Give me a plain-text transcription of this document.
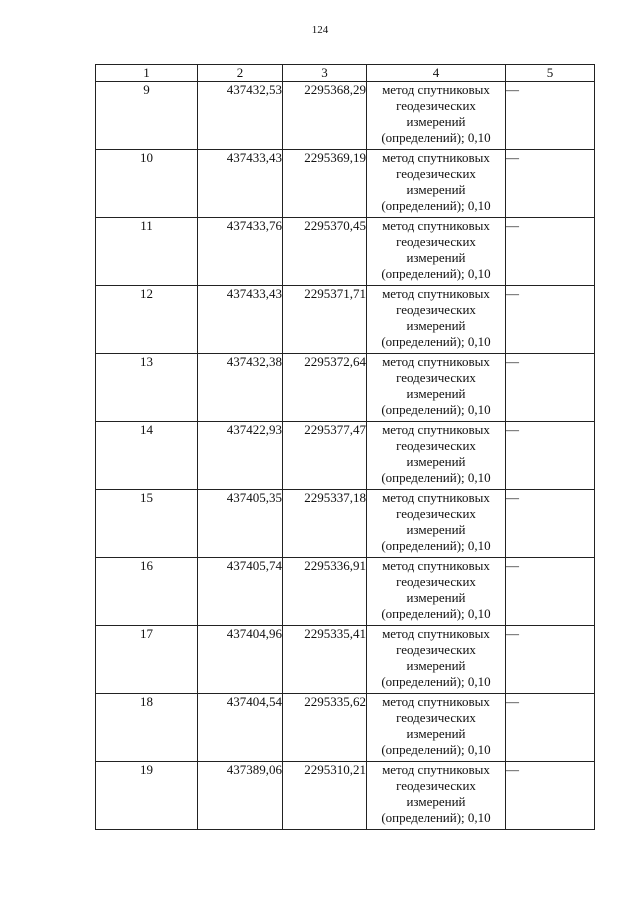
124
1	2	3	4	5
9	437432,53	2295368,29	метод спутниковых геодезических измерений (определений); 0,10	—
10	437433,43	2295369,19	метод спутниковых геодезических измерений (определений); 0,10	—
11	437433,76	2295370,45	метод спутниковых геодезических измерений (определений); 0,10	—
12	437433,43	2295371,71	метод спутниковых геодезических измерений (определений); 0,10	—
13	437432,38	2295372,64	метод спутниковых геодезических измерений (определений); 0,10	—
14	437422,93	2295377,47	метод спутниковых геодезических измерений (определений); 0,10	—
15	437405,35	2295337,18	метод спутниковых геодезических измерений (определений); 0,10	—
16	437405,74	2295336,91	метод спутниковых геодезических измерений (определений); 0,10	—
17	437404,96	2295335,41	метод спутниковых геодезических измерений (определений); 0,10	—
18	437404,54	2295335,62	метод спутниковых геодезических измерений (определений); 0,10	—
19	437389,06	2295310,21	метод спутниковых геодезических измерений (определений); 0,10	—
